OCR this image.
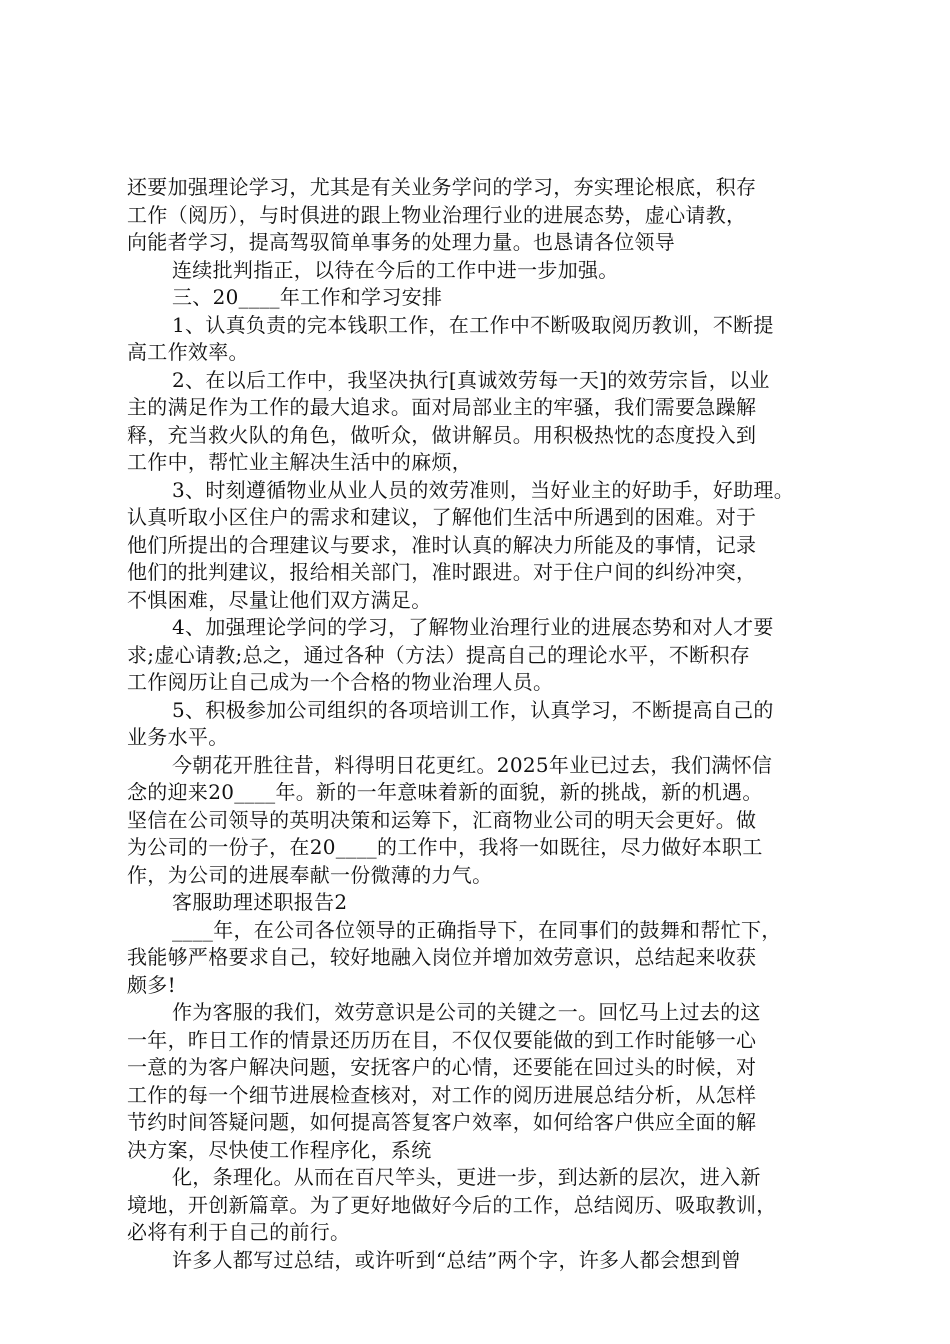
还要加强理论学习，尤其是有关业务学问的学习，夯实理论根底，积存
工作（阅历），与时俱进的跟上物业治理行业的进展态势，虚心请教，
向能者学习，提高驾驭简单事务的处理力量。也恳请各位领导
连续批判指正，以待在今后的工作中进一步加强。
三、20____年工作和学习安排
1、认真负责的完本钱职工作，在工作中不断吸取阅历教训，不断提
高工作效率。
2、在以后工作中，我坚决执行[真诚效劳每一天]的效劳宗旨，以业
主的满足作为工作的最大追求。面对局部业主的牢骚，我们需要急躁解
释，充当救火队的角色，做听众，做讲解员。用积极热忱的态度投入到
工作中，帮忙业主解决生活中的麻烦，
3、时刻遵循物业从业人员的效劳准则，当好业主的好助手，好助理。
认真听取小区住户的需求和建议，了解他们生活中所遇到的困难。对于
他们所提出的合理建议与要求，准时认真的解决力所能及的事情，记录
他们的批判建议，报给相关部门，准时跟进。对于住户间的纠纷冲突，
不惧困难，尽量让他们双方满足。
4、加强理论学问的学习，了解物业治理行业的进展态势和对人才要
求;虚心请教;总之，通过各种（方法）提高自己的理论水平，不断积存
工作阅历让自己成为一个合格的物业治理人员。
5、积极参加公司组织的各项培训工作，认真学习，不断提高自己的
业务水平。
今朝花开胜往昔，料得明日花更红。2025年业已过去，我们满怀信
念的迎来20____年。新的一年意味着新的面貌，新的挑战，新的机遇。
坚信在公司领导的英明决策和运筹下，汇商物业公司的明天会更好。做
为公司的一份子，在20____的工作中，我将一如既往，尽力做好本职工
作，为公司的进展奉献一份微薄的力气。
客服助理述职报告2
____年，在公司各位领导的正确指导下，在同事们的鼓舞和帮忙下，
我能够严格要求自己，较好地融入岗位并增加效劳意识，总结起来收获
颇多!
作为客服的我们，效劳意识是公司的关键之一。回忆马上过去的这
一年，昨日工作的情景还历历在目，不仅仅要能做的到工作时能够一心
一意的为客户解决问题，安抚客户的心情，还要能在回过头的时候，对
工作的每一个细节进展检查核对，对工作的阅历进展总结分析，从怎样
节约时间答疑问题，如何提高答复客户效率，如何给客户供应全面的解
决方案，尽快使工作程序化，系统
化，条理化。从而在百尺竿头，更进一步，到达新的层次，进入新
境地，开创新篇章。为了更好地做好今后的工作，总结阅历、吸取教训，
必将有利于自己的前行。
许多人都写过总结，或许听到“总结”两个字，许多人都会想到曾
